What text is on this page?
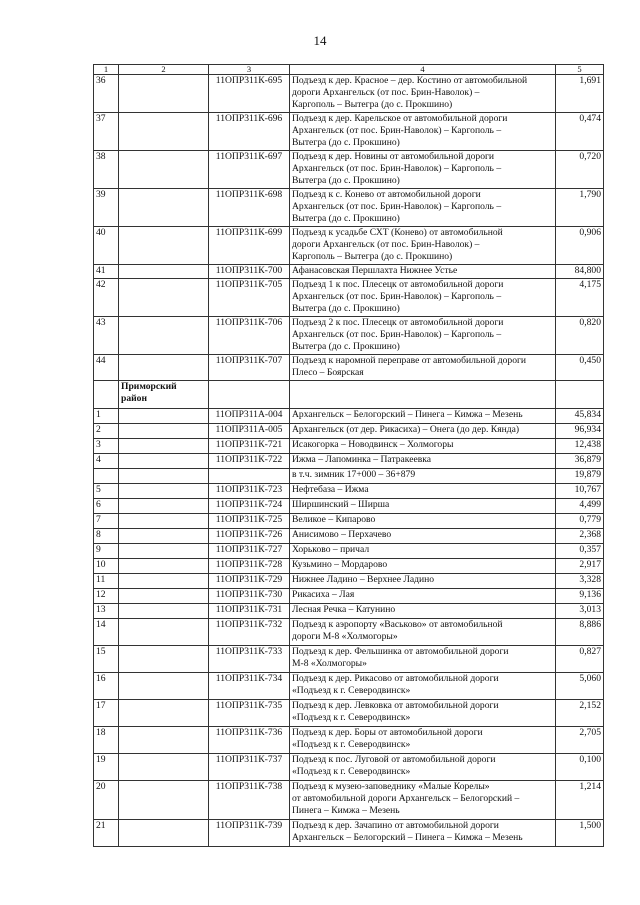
14
1	2	3	4	5
36		11ОПР311К-695	Подъезд к дер. Красное – дер. Костино от автомобильной
дороги Архангельск (от пос. Брин-Наволок) –
Каргополь – Вытегра (до с. Прокшино)	1,691
37		11ОПР311К-696	Подъезд к дер. Карельское от автомобильной дороги
Архангельск (от пос. Брин-Наволок) – Каргополь –
Вытегра (до с. Прокшино)	0,474
38		11ОПР311К-697	Подъезд к дер. Новины от автомобильной дороги
Архангельск (от пос. Брин-Наволок) – Каргополь –
Вытегра (до с. Прокшино)	0,720
39		11ОПР311К-698	Подъезд к с. Конево от автомобильной дороги
Архангельск (от пос. Брин-Наволок) – Каргополь –
Вытегра (до с. Прокшино)	1,790
40		11ОПР311К-699	Подъезд к усадьбе СХТ (Конево) от автомобильной
дороги Архангельск (от пос. Брин-Наволок) –
Каргополь – Вытегра (до с. Прокшино)	0,906
41		11ОПР311К-700	Афанасовская Першлахта Нижнее Устье	84,800
42		11ОПР311К-705	Подъезд 1 к пос. Плесецк от автомобильной дороги
Архангельск (от пос. Брин-Наволок) – Каргополь –
Вытегра (до с. Прокшино)	4,175
43		11ОПР311К-706	Подъезд 2 к пос. Плесецк от автомобильной дороги
Архангельск (от пос. Брин-Наволок) – Каргополь –
Вытегра (до с. Прокшино)	0,820
44		11ОПР311К-707	Подъезд к наромной переправе от автомобильной дороги
Плесо – Боярская	0,450
	Приморский
район			
1		11ОПР311А-004	Архангельск – Белогорский – Пинега – Кимжа – Мезень	45,834
2		11ОПР311А-005	Архангельск (от дер. Рикасиха) – Онега (до дер. Кянда)	96,934
3		11ОПР311К-721	Исакогорка – Новодвинск – Холмогоры	12,438
4		11ОПР311К-722	Ижма – Лапоминка – Патракеевка	36,879
			в т.ч. зимник 17+000 – 36+879	19,879
5		11ОПР311К-723	Нефтебаза – Ижма	10,767
6		11ОПР311К-724	Ширшинский – Ширша	4,499
7		11ОПР311К-725	Великое – Кипарово	0,779
8		11ОПР311К-726	Анисимово – Перхачево	2,368
9		11ОПР311К-727	Хорьково – причал	0,357
10		11ОПР311К-728	Кузьмино – Мордарово	2,917
11		11ОПР311К-729	Нижнее Ладино – Верхнее Ладино	3,328
12		11ОПР311К-730	Рикасиха – Лая	9,136
13		11ОПР311К-731	Лесная Речка – Катунино	3,013
14		11ОПР311К-732	Подъезд к аэропорту «Васьково» от автомобильной
дороги М-8 «Холмогоры»	8,886
15		11ОПР311К-733	Подъезд к дер. Фельшинка от автомобильной дороги
М-8 «Холмогоры»	0,827
16		11ОПР311К-734	Подъезд к дер. Рикасово от автомобильной дороги
«Подъезд к г. Северодвинск»	5,060
17		11ОПР311К-735	Подъезд к дер. Левковка от автомобильной дороги
«Подъезд к г. Северодвинск»	2,152
18		11ОПР311К-736	Подъезд к дер. Боры от автомобильной дороги
«Подъезд к г. Северодвинск»	2,705
19		11ОПР311К-737	Подъезд к пос. Луговой от автомобильной дороги
«Подъезд к г. Северодвинск»	0,100
20		11ОПР311К-738	Подъезд к музею-заповеднику «Малые Корелы»
от автомобильной дороги Архангельск – Белогорский –
Пинега – Кимжа – Мезень	1,214
21		11ОПР311К-739	Подъезд к дер. Зачапино от автомобильной дороги
Архангельск – Белогорский – Пинега – Кимжа – Мезень	1,500
